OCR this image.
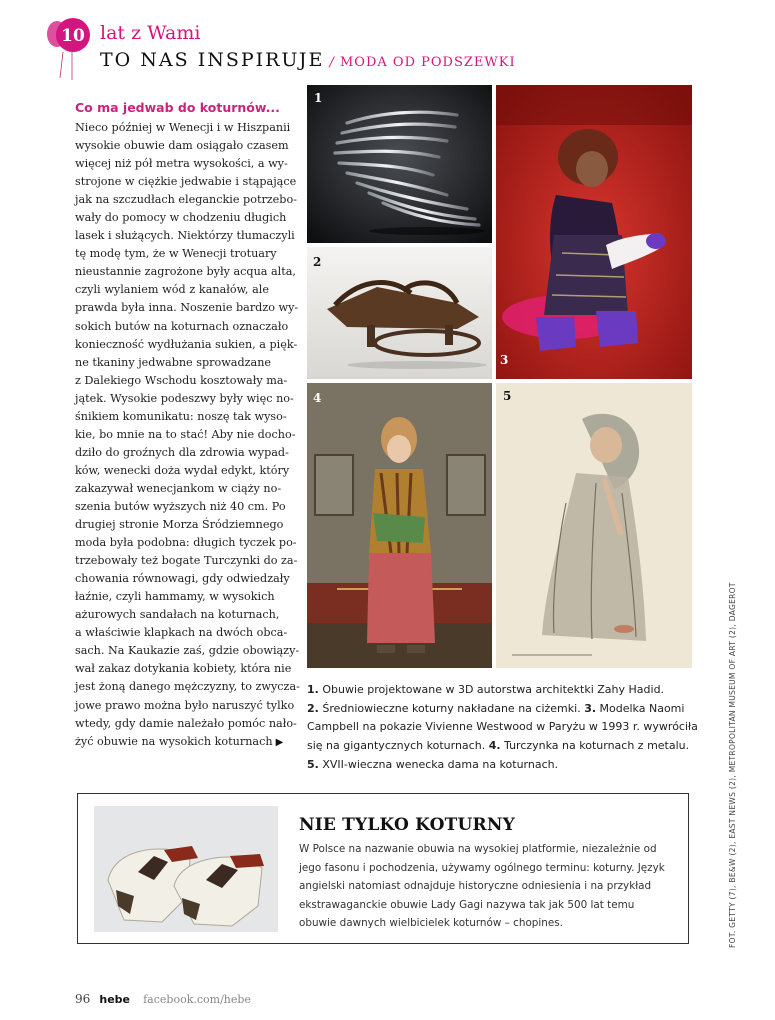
10 lat z Wami
TO NAS INSPIRUJE / MODA OD PODSZEWKI
Co ma jedwab do koturnów...
Nieco później w Wenecji i w Hiszpanii
wysokie obuwie dam osiągało czasem
więcej niż pół metra wysokości, a wy-
strojone w ciężkie jedwabie i stąpające
jak na szczudłach eleganckie potrzebo-
wały do pomocy w chodzeniu długich
lasek i służących. Niektórzy tłumaczyli
tę modę tym, że w Wenecji trotuary
nieustannie zagrożone były acqua alta,
czyli wylaniem wód z kanałów, ale
prawda była inna. Noszenie bardzo wy-
sokich butów na koturnach oznaczało
konieczność wydłużania sukien, a pięk-
ne tkaniny jedwabne sprowadzane
z Dalekiego Wschodu kosztowały ma-
jątek. Wysokie podeszwy były więc no-
śnikiem komunikatu: noszę tak wyso-
kie, bo mnie na to stać! Aby nie docho-
dziło do groźnych dla zdrowia wypad-
ków, wenecki doża wydał edykt, który
zakazywał wenecjankom w ciąży no-
szenia butów wyższych niż 40 cm. Po
drugiej stronie Morza Śródziemnego
moda była podobna: długich tyczek po-
trzebowały też bogate Turczynki do za-
chowania równowagi, gdy odwiedzały
łaźnie, czyli hammamy, w wysokich
ażurowych sandałach na koturnach,
a właściwie klapkach na dwóch obca-
sach. Na Kaukazie zaś, gdzie obowiązy-
wał zakaz dotykania kobiety, która nie
jest żoną danego mężczyzny, to zwycza-
jowe prawo można było naruszyć tylko
wtedy, gdy damie należało pomóc nało-
żyć obuwie na wysokich koturnach ▶
1
2
3
4	5
1. Obuwie projektowane w 3D autorstwa architektki Zahy Hadid.
2. Średniowieczne koturny nakładane na ciżemki. 3. Modelka Naomi Campbell na pokazie Vivienne Westwood w Paryżu w 1993 r. wywróciła się na gigantycznych koturnach. 4. Turczynka na koturnach z metalu.
5. XVII-wieczna wenecka dama na koturnach.
NIE TYLKO KOTURNY
W Polsce na nazwanie obuwia na wysokiej platformie, niezależnie od jego fasonu i pochodzenia, używamy ogólnego terminu: koturny. Język angielski natomiast odnajduje historyczne odniesienia i na przykład ekstrawaganckie obuwie Lady Gagi nazywa tak jak 500 lat temu obuwie dawnych wielbicielek koturnów – chopines.	FOT. GETTY (7), BE&W (2), EAST NEWS (2), METROPOLITAN MUSEUM OF ART (2), DAGEROT
96 hebe facebook.com/hebe
